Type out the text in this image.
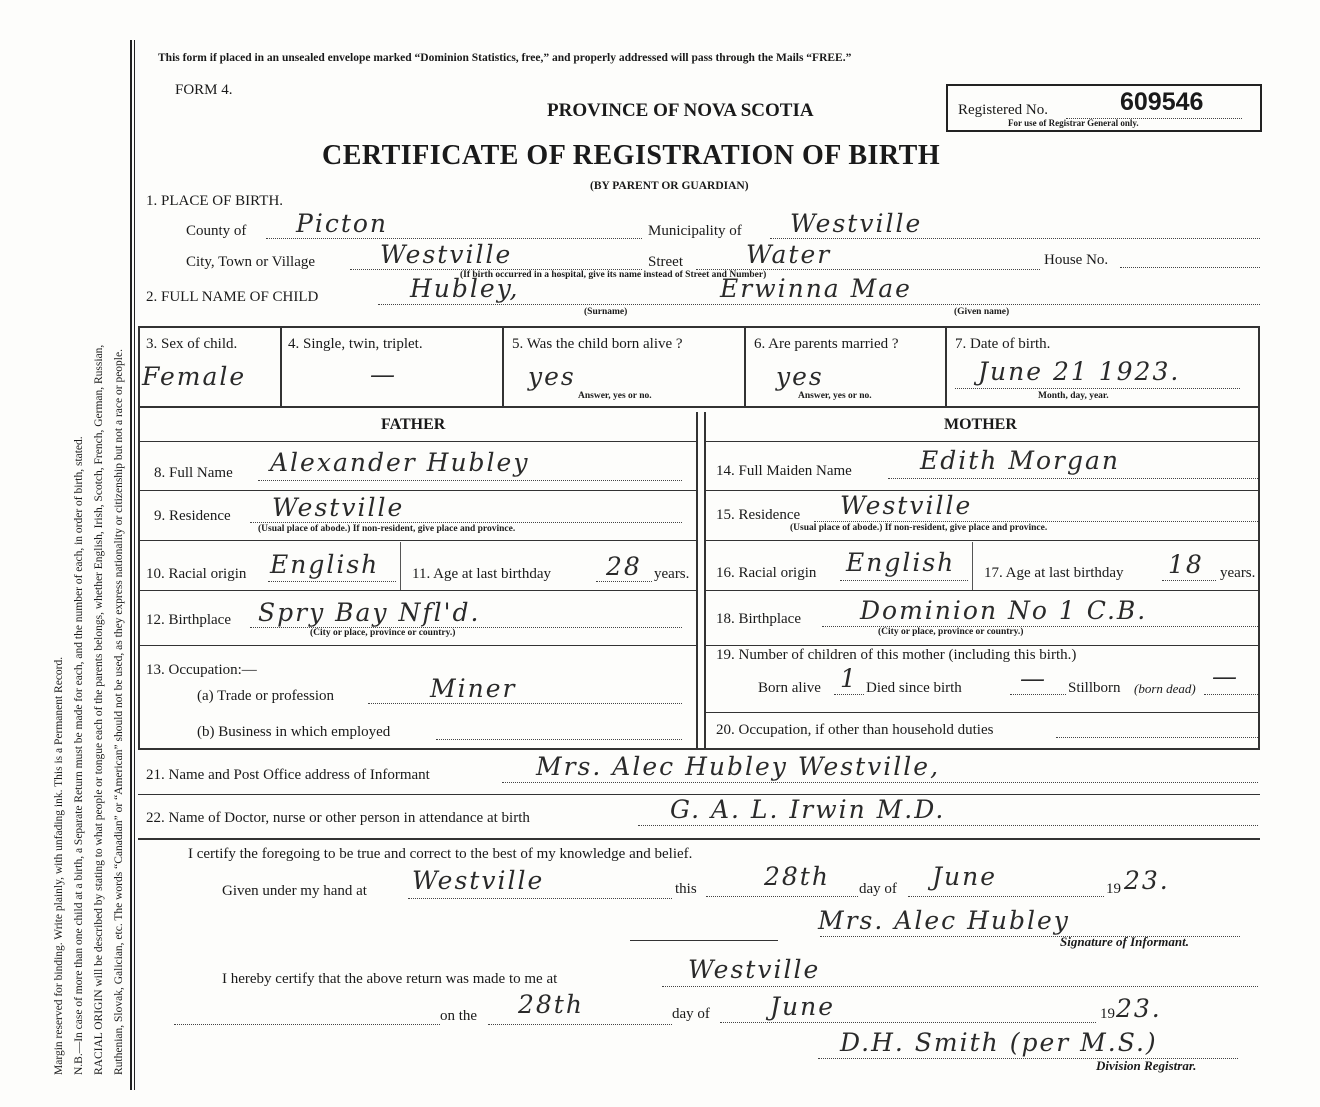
Margin reserved for binding. Write plainly, with unfading ink. This is a Permanent Record. N.B.—In case of more than one child at a birth, a Separate Return must be made for each, and the number of each, in order of birth, stated. RACIAL ORIGIN will be described by stating to what people or tongue each of the parents belongs, whether English, Irish, Scotch, French, German, Russian, Ruthenian, Slovak, Galician, etc. The words “Canadian” or “American” should not be used, as they express nationality or citizenship but not a race or people.
This form if placed in an unsealed envelope marked “Dominion Statistics, free,” and properly addressed will pass through the Mails “FREE.”
FORM 4.
PROVINCE OF NOVA SCOTIA	Registered No.	609546
For use of Registrar General only.
CERTIFICATE OF REGISTRATION OF BIRTH
(BY PARENT OR GUARDIAN)
1. PLACE OF BIRTH.
County of Picton	Municipality of Westville
City, Town or Village	Westville	Street	Water	House No.
(If birth occurred in a hospital, give its name instead of Street and Number)
2. FULL NAME OF CHILD	Hubley,	Erwinna Mae
(Surname)	(Given name)
3. Sex of child.
Female
4. Single, twin, triplet.
—
5. Was the child born alive ?
yes
Answer, yes or no.
6. Are parents married ?
yes
Answer, yes or no.
7. Date of birth.
June 21 1923.
Month, day, year.
FATHER	MOTHER
8. Full Name Alexander Hubley
9. Residence Westville
(Usual place of abode.) If non-resident, give place and province.
10. Racial origin English 11. Age at last birthday 28 years.
12. Birthplace Spry Bay Nfl'd.
(City or place, province or country.)
13. Occupation:—
(a) Trade or profession	Miner
(b) Business in which employed
14. Full Maiden Name	Edith Morgan
15. Residence Westville
(Usual place of abode.) If non-resident, give place and province.
16. Racial origin English 17. Age at last birthday 18 years.
18. Birthplace Dominion No 1 C.B.
(City or place, province or country.)
19. Number of children of this mother (including this birth.)
Born alive 1 Died since birth — Stillborn (born dead) —
20. Occupation, if other than household duties
21. Name and Post Office address of Informant	Mrs. Alec Hubley Westville,
22. Name of Doctor, nurse or other person in attendance at birth	G. A. L. Irwin M.D.
I certify the foregoing to be true and correct to the best of my knowledge and belief.
Given under my hand at Westville	this	28th day of June	19 23.
Mrs. Alec Hubley
Signature of Informant.
I hereby certify that the above return was made to me at	Westville
on the 28th	day of June	19 23.
D.H. Smith (per M.S.)
Division Registrar.
